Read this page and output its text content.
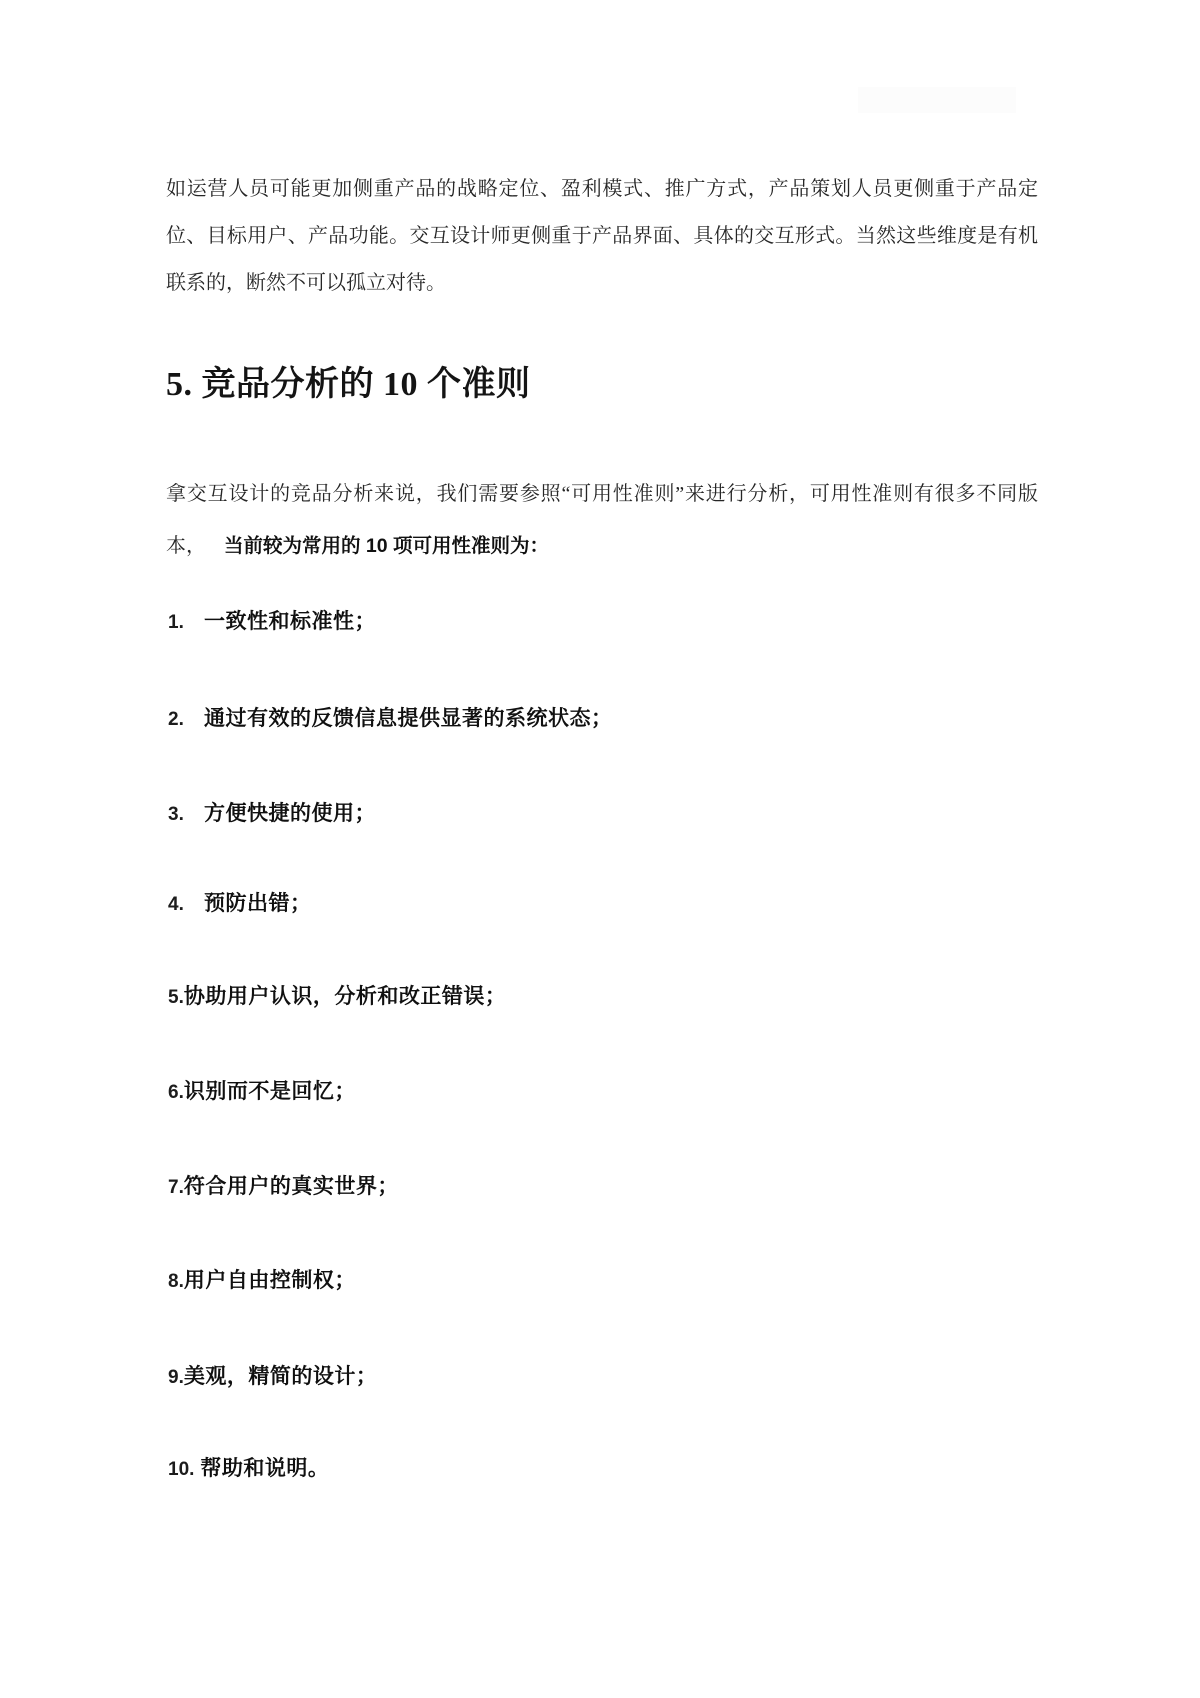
如运营人员可能更加侧重产品的战略定位、盈利模式、推广方式，产品策划人员更侧重于产品定位、目标用户、产品功能。交互设计师更侧重于产品界面、具体的交互形式。当然这些维度是有机联系的，断然不可以孤立对待。

5. 竞品分析的 10 个准则

拿交互设计的竞品分析来说，我们需要参照“可用性准则”来进行分析，可用性准则有很多不同版本， 当前较为常用的 10 项可用性准则为：

1. 一致性和标准性；
2. 通过有效的反馈信息提供显著的系统状态；
3. 方便快捷的使用；
4. 预防出错；
5.协助用户认识，分析和改正错误；
6.识别而不是回忆；
7.符合用户的真实世界；
8.用户自由控制权；
9.美观，精简的设计；
10. 帮助和说明。
